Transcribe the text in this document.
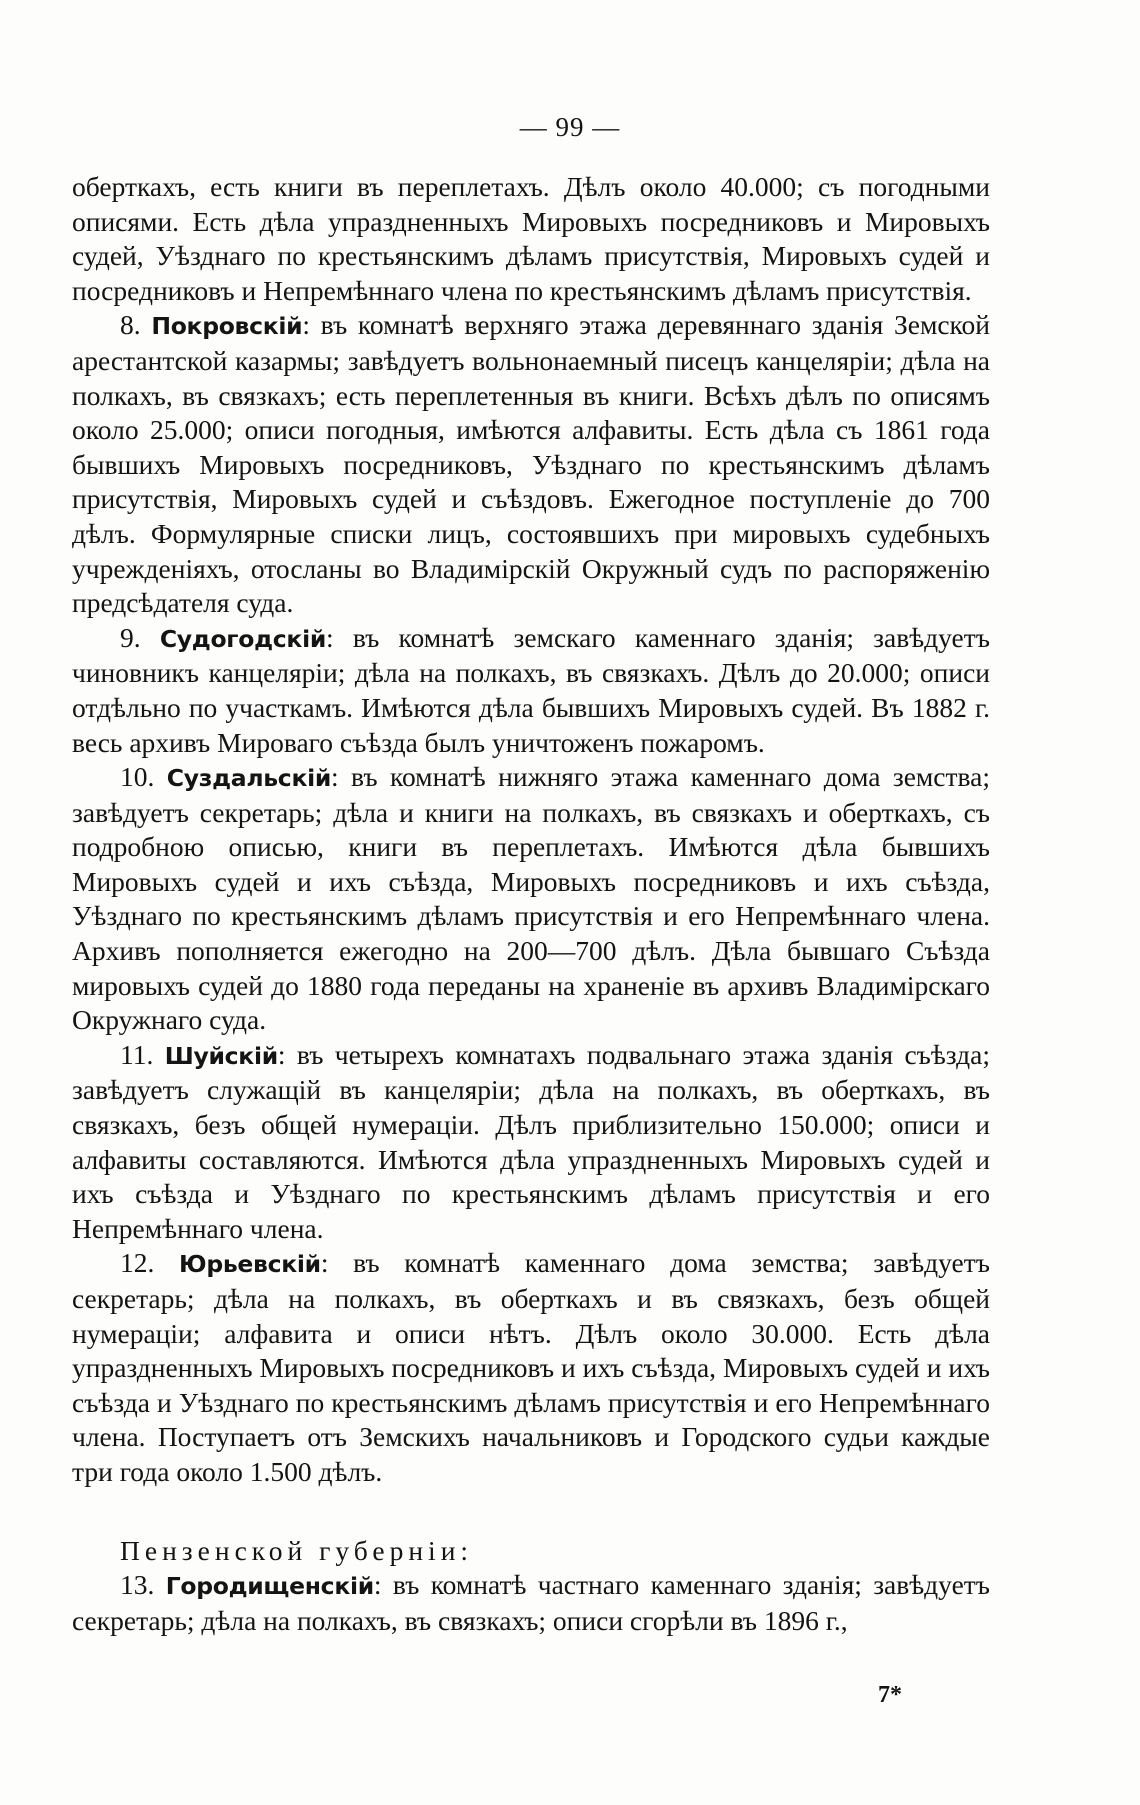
— 99 —

оберткахъ, есть книги въ переплетахъ. Дѣлъ около 40.000; съ погодными описями. Есть дѣла упраздненныхъ Мировыхъ посредниковъ и Мировыхъ судей, Уѣзднаго по крестьянскимъ дѣламъ присутствія, Мировыхъ судей и посредниковъ и Непремѣннаго члена по крестьянскимъ дѣламъ присутствія.

8. Покровскій: въ комнатѣ верхняго этажа деревяннаго зданія Земской арестантской казармы; завѣдуетъ вольнонаемный писецъ канцеляріи; дѣла на полкахъ, въ связкахъ; есть переплетенныя въ книги. Всѣхъ дѣлъ по описямъ около 25.000; описи погодныя, имѣются алфавиты. Есть дѣла съ 1861 года бывшихъ Мировыхъ посредниковъ, Уѣзднаго по крестьянскимъ дѣламъ присутствія, Мировыхъ судей и съѣздовъ. Ежегодное поступленіе до 700 дѣлъ. Формулярные списки лицъ, состоявшихъ при мировыхъ судебныхъ учрежденіяхъ, отосланы во Владимірскій Окружный судъ по распоряженію предсѣдателя суда.

9. Судогодскій: въ комнатѣ земскаго каменнаго зданія; завѣдуетъ чиновникъ канцеляріи; дѣла на полкахъ, въ связкахъ. Дѣлъ до 20.000; описи отдѣльно по участкамъ. Имѣются дѣла бывшихъ Мировыхъ судей. Въ 1882 г. весь архивъ Мироваго съѣзда былъ уничтоженъ пожаромъ.

10. Суздальскій: въ комнатѣ нижняго этажа каменнаго дома земства; завѣдуетъ секретарь; дѣла и книги на полкахъ, въ связкахъ и оберткахъ, съ подробною описью, книги въ переплетахъ. Имѣются дѣла бывшихъ Мировыхъ судей и ихъ съѣзда, Мировыхъ посредниковъ и ихъ съѣзда, Уѣзднаго по крестьянскимъ дѣламъ присутствія и его Непремѣннаго члена. Архивъ пополняется ежегодно на 200—700 дѣлъ. Дѣла бывшаго Съѣзда мировыхъ судей до 1880 года переданы на храненіе въ архивъ Владимірскаго Окружнаго суда.

11. Шуйскій: въ четырехъ комнатахъ подвальнаго этажа зданія съѣзда; завѣдуетъ служащій въ канцеляріи; дѣла на полкахъ, въ оберткахъ, въ связкахъ, безъ общей нумераціи. Дѣлъ приблизительно 150.000; описи и алфавиты составляются. Имѣются дѣла упраздненныхъ Мировыхъ судей и ихъ съѣзда и Уѣзднаго по крестьянскимъ дѣламъ присутствія и его Непремѣннаго члена.

12. Юрьевскій: въ комнатѣ каменнаго дома земства; завѣдуетъ секретарь; дѣла на полкахъ, въ оберткахъ и въ связкахъ, безъ общей нумераціи; алфавита и описи нѣтъ. Дѣлъ около 30.000. Есть дѣла упраздненныхъ Мировыхъ посредниковъ и ихъ съѣзда, Мировыхъ судей и ихъ съѣзда и Уѣзднаго по крестьянскимъ дѣламъ присутствія и его Непремѣннаго члена. Поступаетъ отъ Земскихъ начальниковъ и Городского судьи каждые три года около 1.500 дѣлъ.

Пензенской губерніи:

13. Городищенскій: въ комнатѣ частнаго каменнаго зданія; завѣдуетъ секретарь; дѣла на полкахъ, въ связкахъ; описи сгорѣли въ 1896 г.,

7*
